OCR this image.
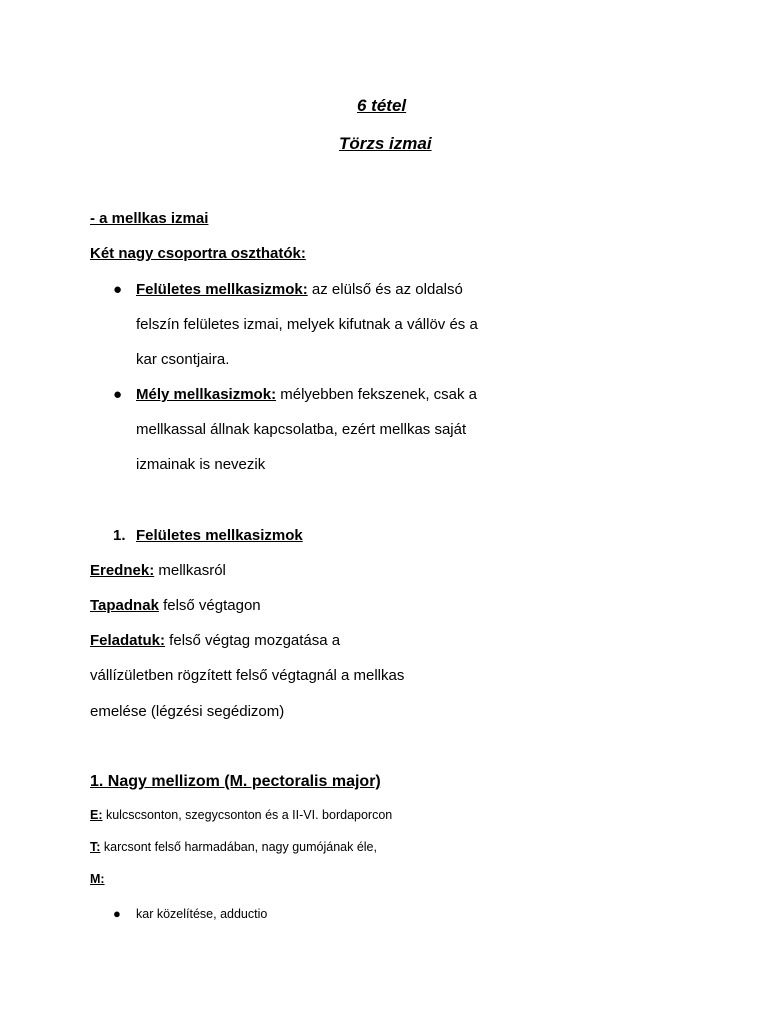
6 tétel
Törzs izmai
- a mellkas izmai
Két nagy csoportra oszthatók:
● Felületes mellkasizmok: az elülső és az oldalsó
felszín felületes izmai, melyek kifutnak a vállöv és a
kar csontjaira.
● Mély mellkasizmok: mélyebben fekszenek, csak a
mellkassal állnak kapcsolatba, ezért mellkas saját
izmainak is nevezik
1. Felületes mellkasizmok
Erednek: mellkasról
Tapadnak felső végtagon
Feladatuk: felső végtag mozgatása a
vállízületben rögzített felső végtagnál a mellkas
emelése (légzési segédizom)
1. Nagy mellizom (M. pectoralis major)
E: kulcscsonton, szegycsonton és a II-VI. bordaporcon
T: karcsont felső harmadában, nagy gumójának éle,
M:
● kar közelítése, adductio
